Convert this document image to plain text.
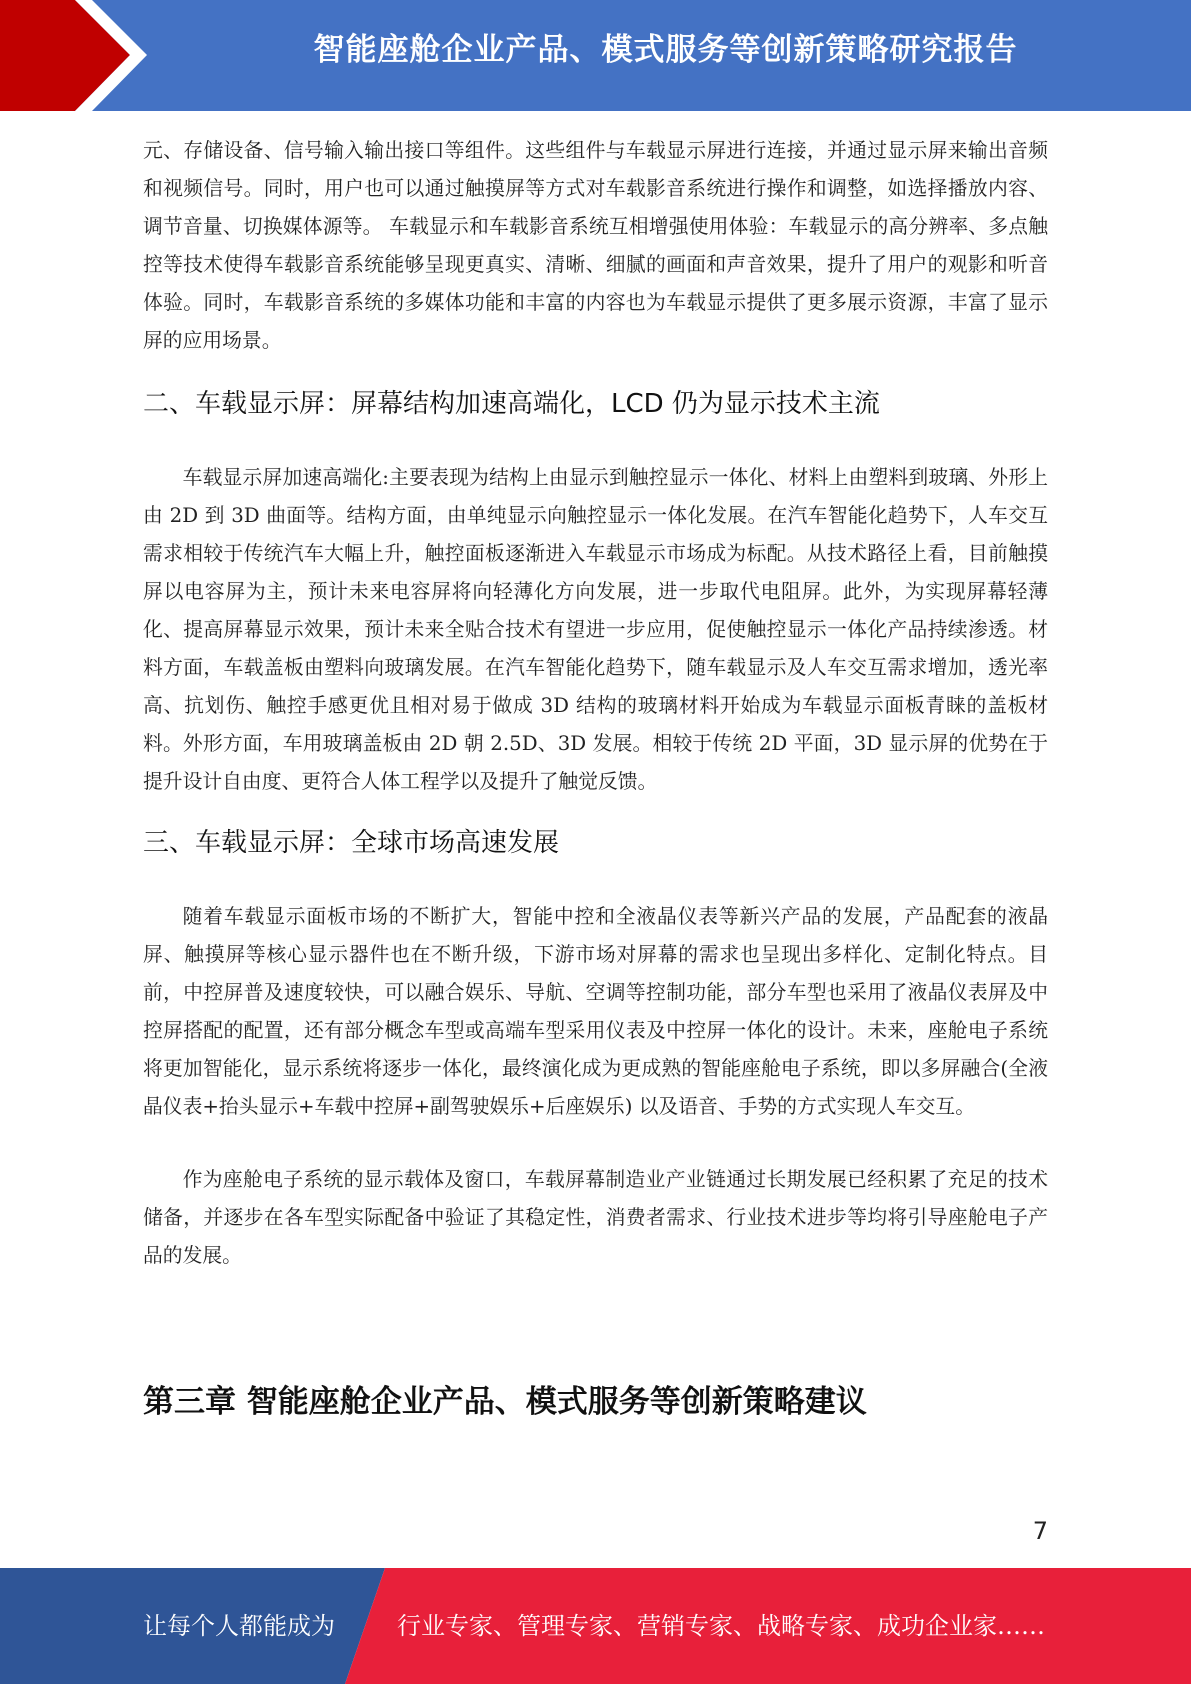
智能座舱企业产品、模式服务等创新策略研究报告

元、存储设备、信号输入输出接口等组件。这些组件与车载显示屏进行连接，并通过显示屏来输出音频和视频信号。同时，用户也可以通过触摸屏等方式对车载影音系统进行操作和调整，如选择播放内容、调节音量、切换媒体源等。 车载显示和车载影音系统互相增强使用体验：车载显示的高分辨率、多点触控等技术使得车载影音系统能够呈现更真实、清晰、细腻的画面和声音效果，提升了用户的观影和听音体验。同时，车载影音系统的多媒体功能和丰富的内容也为车载显示提供了更多展示资源，丰富了显示屏的应用场景。

二、车载显示屏：屏幕结构加速高端化，LCD 仍为显示技术主流

车载显示屏加速高端化:主要表现为结构上由显示到触控显示一体化、材料上由塑料到玻璃、外形上由 2D 到 3D 曲面等。结构方面，由单纯显示向触控显示一体化发展。在汽车智能化趋势下，人车交互需求相较于传统汽车大幅上升，触控面板逐渐进入车载显示市场成为标配。从技术路径上看，目前触摸屏以电容屏为主，预计未来电容屏将向轻薄化方向发展，进一步取代电阻屏。此外，为实现屏幕轻薄化、提高屏幕显示效果，预计未来全贴合技术有望进一步应用，促使触控显示一体化产品持续渗透。材料方面，车载盖板由塑料向玻璃发展。在汽车智能化趋势下，随车载显示及人车交互需求增加，透光率高、抗划伤、触控手感更优且相对易于做成 3D 结构的玻璃材料开始成为车载显示面板青睐的盖板材料。外形方面，车用玻璃盖板由 2D 朝 2.5D、3D 发展。相较于传统 2D 平面，3D 显示屏的优势在于提升设计自由度、更符合人体工程学以及提升了触觉反馈。

三、车载显示屏：全球市场高速发展

随着车载显示面板市场的不断扩大，智能中控和全液晶仪表等新兴产品的发展，产品配套的液晶屏、触摸屏等核心显示器件也在不断升级，下游市场对屏幕的需求也呈现出多样化、定制化特点。目前，中控屏普及速度较快，可以融合娱乐、导航、空调等控制功能，部分车型也采用了液晶仪表屏及中控屏搭配的配置，还有部分概念车型或高端车型采用仪表及中控屏一体化的设计。未来，座舱电子系统将更加智能化，显示系统将逐步一体化，最终演化成为更成熟的智能座舱电子系统，即以多屏融合(全液晶仪表+抬头显示+车载中控屏+副驾驶娱乐+后座娱乐) 以及语音、手势的方式实现人车交互。

作为座舱电子系统的显示载体及窗口，车载屏幕制造业产业链通过长期发展已经积累了充足的技术储备，并逐步在各车型实际配备中验证了其稳定性，消费者需求、行业技术进步等均将引导座舱电子产品的发展。

第三章 智能座舱企业产品、模式服务等创新策略建议
7
让每个人都能成为	行业专家、管理专家、营销专家、战略专家、成功企业家……
